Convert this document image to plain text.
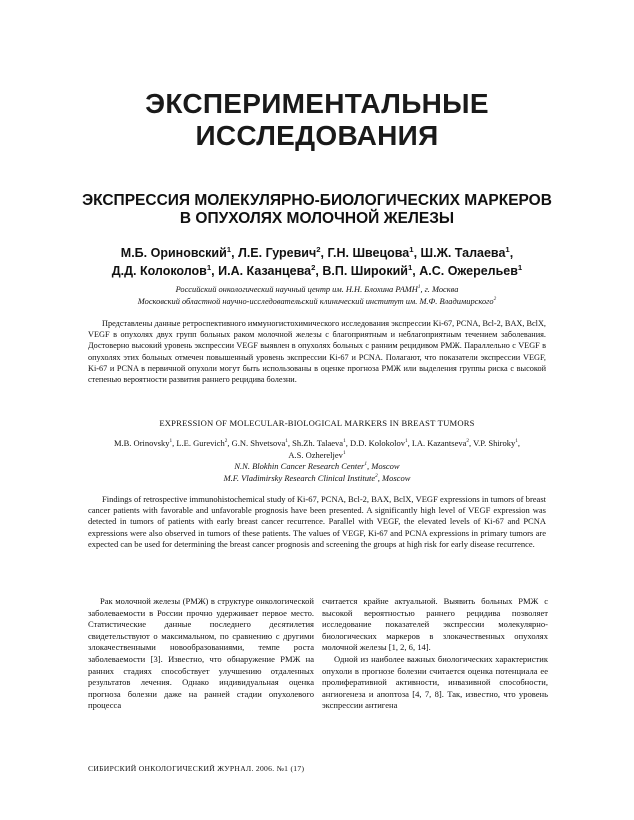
ЭКСПЕРИМЕНТАЛЬНЫЕ
ИССЛЕДОВАНИЯ
ЭКСПРЕССИЯ МОЛЕКУЛЯРНО-БИОЛОГИЧЕСКИХ МАРКЕРОВ
В ОПУХОЛЯХ МОЛОЧНОЙ ЖЕЛЕЗЫ
М.Б. Ориновский$^1$, Л.Е. Гуревич$^2$, Г.Н. Швецова$^1$, Ш.Ж. Талаева$^1$,
Д.Д. Колоколов$^1$, И.А. Казанцева$^2$, В.П. Широкий$^1$, А.С. Ожерельев$^1$
Российский онкологический научный центр им. Н.Н. Блохина РАМН$^1$, г. Москва
Московский областной научно-исследовательский клинический институт им. М.Ф. Владимирского$^2$

Представлены данные ретроспективного иммуногистохимического исследования экспрессии Ki-67, PCNA, Bcl-2, BAX, BclX, VEGF в опухолях двух групп больных раком молочной железы с благоприятным и неблагоприятным течением заболевания. Достоверно высокий уровень экспрессии VEGF выявлен в опухолях больных с ранним рецидивом РМЖ. Параллельно с VEGF в опухолях этих больных отмечен повышенный уровень экспрессии Ki-67 и PCNA. Полагают, что показатели экспрессии VEGF, Ki-67 и PCNA в первичной опухоли могут быть использованы в оценке прогноза РМЖ или выделения группы риска с высокой степенью вероятности развития раннего рецидива болезни.

EXPRESSION OF MOLECULAR-BIOLOGICAL MARKERS IN BREAST TUMORS
M.B. Orinovsky$^1$, L.E. Gurevich$^2$, G.N. Shvetsova$^1$, Sh.Zh. Talaeva$^1$, D.D. Kolokolov$^1$, I.A. Kazantseva$^2$, V.P. Shiroky$^1$,
A.S. Ozhereljev$^1$
N.N. Blokhin Cancer Research Center$^1$, Moscow
M.F. Vladimirsky Research Clinical Institute$^2$, Moscow

Findings of retrospective immunohistochemical study of Ki-67, PCNA, Bcl-2, BAX, BclX, VEGF expressions in tumors of breast cancer patients with favorable and unfavorable prognosis have been presented. A significantly high level of VEGF expression was detected in tumors of patients with early breast cancer recurrence. Parallel with VEGF, the elevated levels of Ki-67 and PCNA expressions were also observed in tumors of these patients. The values of VEGF, Ki-67 and PCNA expressions in primary tumors are expected can be used for determining the breast cancer prognosis and screening the groups at high risk for early disease recurrence.

Рак молочной железы (РМЖ) в структуре онкологической заболеваемости в России прочно удерживает первое место. Статистические данные последнего десятилетия свидетельствуют о максимальном, по сравнению с другими злокачественными новообразованиями, темпе роста заболеваемости [3]. Известно, что обнаружение РМЖ на ранних стадиях способствует улучшению отдаленных результатов лечения. Однако индивидуальная оценка прогноза болезни даже на ранней стадии опухолевого процесса

считается крайне актуальной. Выявить больных РМЖ с высокой вероятностью раннего рецидива позволяет исследование показателей экспрессии молекулярно-биологических маркеров в злокачественных опухолях молочной железы [1, 2, 6, 14].

Одной из наиболее важных биологических характеристик опухоли в прогнозе болезни считается оценка потенциала ее пролиферативной активности, инвазивной способности, ангиогенеза и апоптоза [4, 7, 8]. Так, известно, что уровень экспрессии антигена

СИБИРСКИЙ ОНКОЛОГИЧЕСКИЙ ЖУРНАЛ. 2006. №1 (17)
